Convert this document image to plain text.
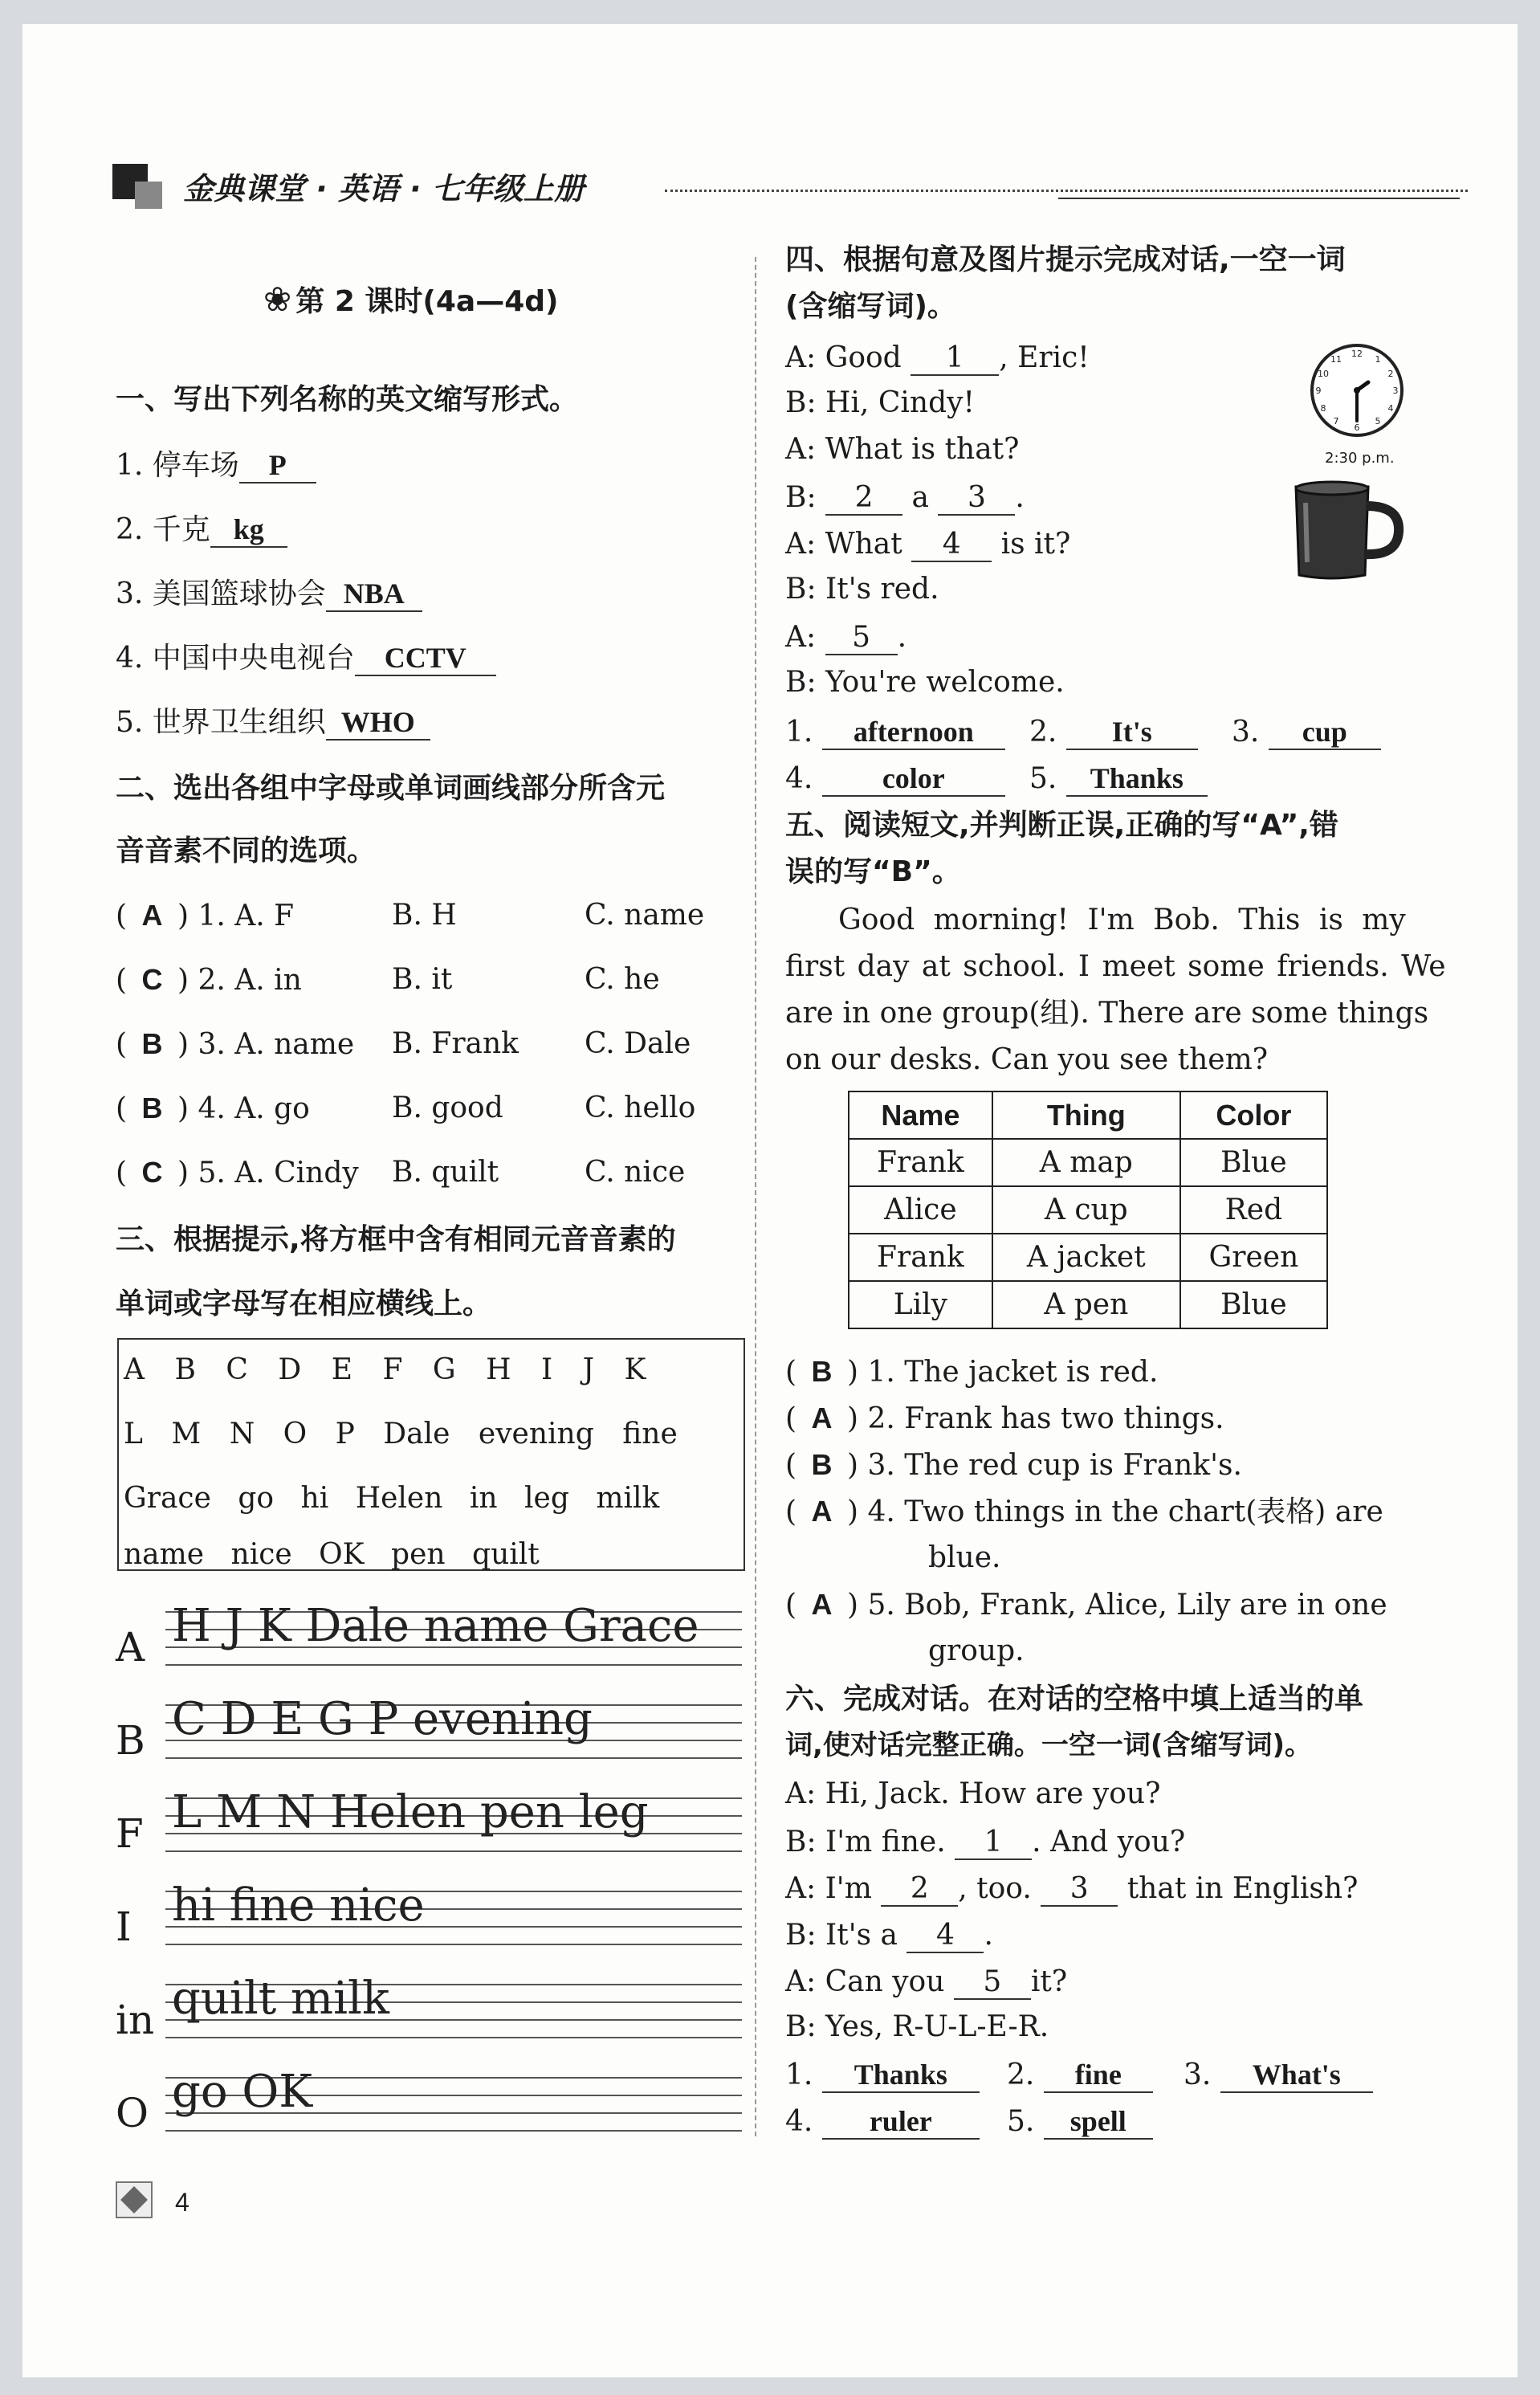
金典课堂 · 英语 · 七年级上册
❀ 第 2 课时(4a—4d)
一、写出下列名称的英文缩写形式。
1. 停车场 P
2. 千克 kg
3. 美国篮球协会 NBA
4. 中国中央电视台 CCTV
5. 世界卫生组织 WHO
二、选出各组中字母或单词画线部分所含元
音音素不同的选项。
( A ) 1. A. F	B. H	C. name
( C ) 2. A. in	B. it	C. he
( B ) 3. A. name B. Frank C. Dale
( B ) 4. A. go	B. good	C. hello
( C ) 5. A. Cindy B. quilt	C. nice
三、根据提示,将方框中含有相同元音音素的
单词或字母写在相应横线上。
A B C D E F G H I J K
L M N O P Dale evening fine
Grace go hi Helen in leg milk
name nice OK pen quilt
A H J K Dale name Grace
B C D E G P evening
F L M N Helen pen leg
I hi fine nice
in quilt milk
O go OK
四、根据句意及图片提示完成对话,一空一词
(含缩写词)。
A: Good 1 , Eric!
B: Hi, Cindy!
A: What is that?
B: 2 a 3 .
A: What 4 is it?
B: It's red.
A: 5 .
B: You're welcome.
12
1
2
3
4
5
6
7
8
9
10
11
2:30 p.m.
1. afternoon	2. It's	3. cup
4. color	5. Thanks
五、阅读短文,并判断正误,正确的写“A”,错
误的写“B”。
Good morning! I'm Bob. This is my
first day at school. I meet some friends. We
are in one group(组). There are some things
on our desks. Can you see them?
Name	Thing	Color
Frank	A map	Blue
Alice	A cup	Red
Frank	A jacket	Green
Lily	A pen	Blue
( B ) 1. The jacket is red.
( A ) 2. Frank has two things.
( B ) 3. The red cup is Frank's.
( A ) 4. Two things in the chart(表格) are
blue.
( A ) 5. Bob, Frank, Alice, Lily are in one
group.
六、完成对话。在对话的空格中填上适当的单
词,使对话完整正确。一空一词(含缩写词)。
A: Hi, Jack. How are you?
B: I'm fine. 1 . And you?
A: I'm 2 , too. 3 that in English?
B: It's a 4 .
A: Can you 5 it?
B: Yes, R-U-L-E-R.
1. Thanks	2. fine	3. What's
4. ruler	5. spell
4
